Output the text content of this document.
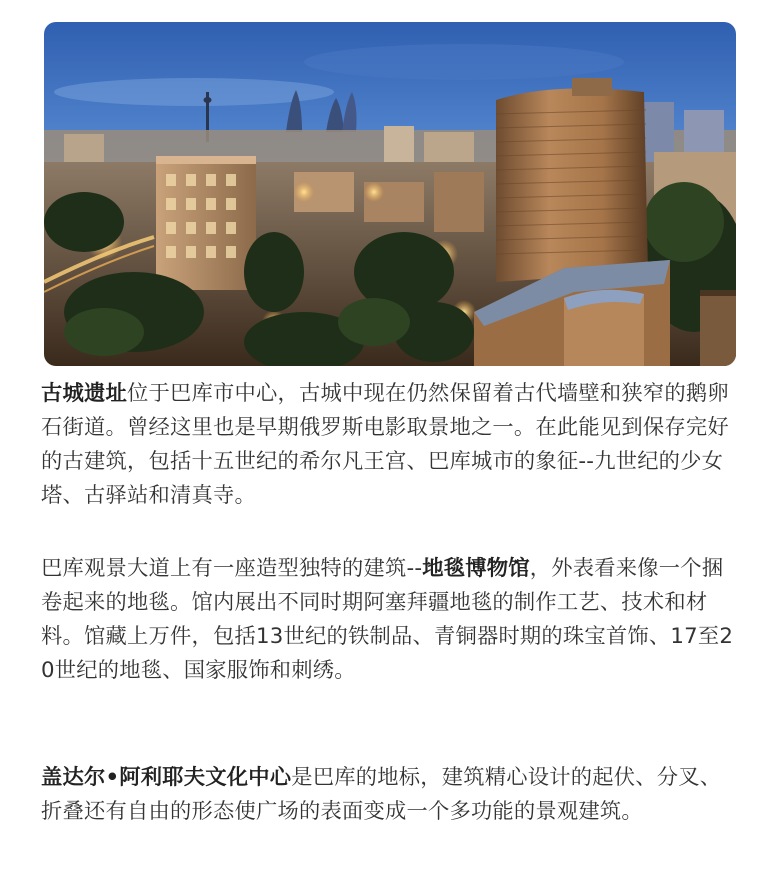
古城遗址位于巴库市中心，古城中现在仍然保留着古代墙壁和狭窄的鹅卵石街道。曾经这里也是早期俄罗斯电影取景地之一。在此能见到保存完好的古建筑，包括十五世纪的希尔凡王宫、巴库城市的象征--九世纪的少女塔、古驿站和清真寺。

巴库观景大道上有一座造型独特的建筑--地毯博物馆，外表看来像一个捆卷起来的地毯。馆内展出不同时期阿塞拜疆地毯的制作工艺、技术和材料。馆藏上万件，包括13世纪的铁制品、青铜器时期的珠宝首饰、17至20世纪的地毯、国家服饰和刺绣。

盖达尔•阿利耶夫文化中心是巴库的地标，建筑精心设计的起伏、分叉、折叠还有自由的形态使广场的表面变成一个多功能的景观建筑。
